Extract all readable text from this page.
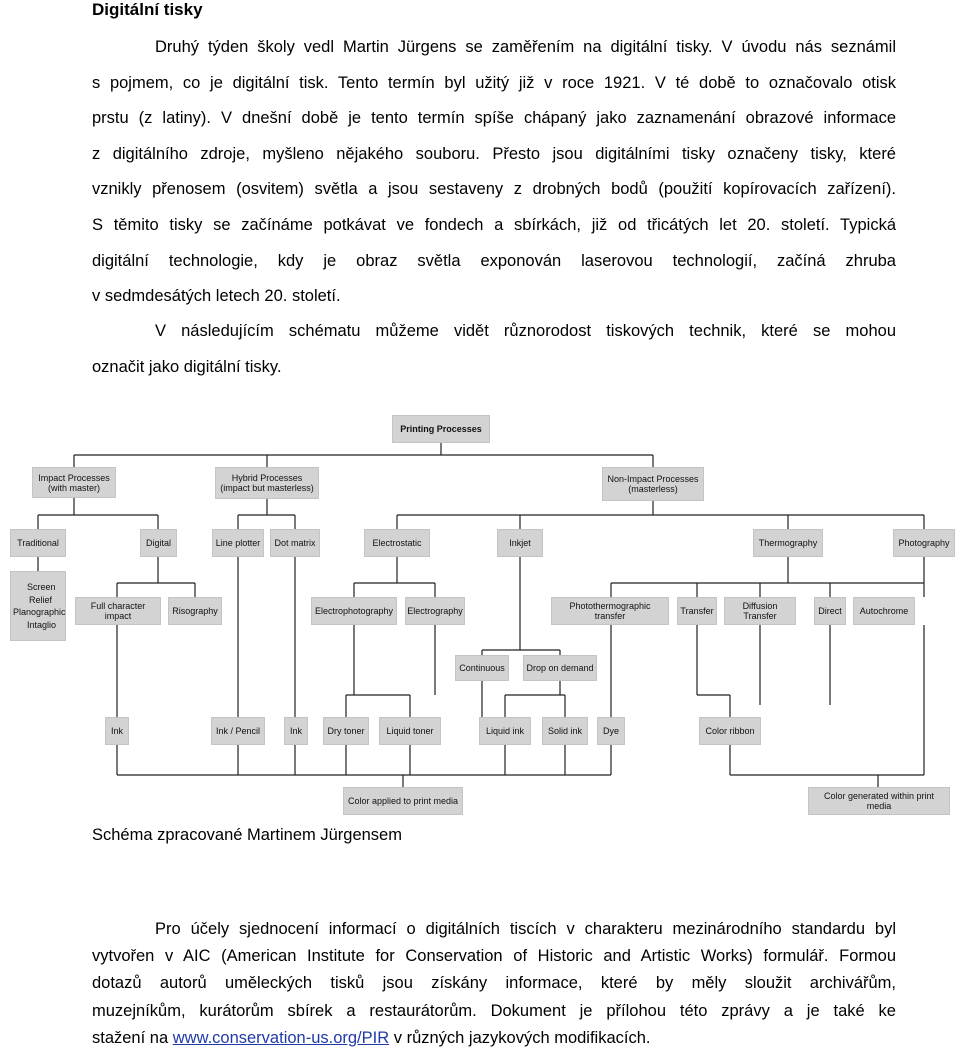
Digitální tisky
Druhý týden školy vedl Martin Jürgens se zaměřením na digitální tisky. V úvodu nás seznámil
s pojmem, co je digitální tisk. Tento termín byl užitý již v roce 1921. V té době to označovalo otisk
prstu (z latiny). V dnešní době je tento termín spíše chápaný jako zaznamenání obrazové informace
z digitálního zdroje, myšleno nějakého souboru. Přesto jsou digitálními tisky označeny tisky, které
vznikly přenosem (osvitem) světla a jsou sestaveny z drobných bodů (použití kopírovacích zařízení).
S těmito tisky se začínáme potkávat ve fondech a sbírkách, již od třicátých let 20. století. Typická
digitální technologie, kdy je obraz světla exponován laserovou technologií, začíná zhruba
v sedmdesátých letech 20. století.
V následujícím schématu můžeme vidět různorodost tiskových technik, které se mohou
označit jako digitální tisky.
Printing Processes
Impact Processes (with master)
Hybrid Processes (impact but masterless)
Non-Impact Processes (masterless)
Traditional	Digital	Line plotter	Dot matrix	Electrostatic	Inkjet	Thermography	Photography
Screen
Relief
Planographic
Intaglio
Full character impact	Risography	Electrophotography	Electrography	Photothermographic transfer	Transfer	Diffusion Transfer	Direct	Autochrome
Continuous	Drop on demand
Ink	Ink / Pencil	Ink	Dry toner	Liquid toner	Liquid ink	Solid ink	Dye	Color ribbon
Color applied to print media	Color generated within print media
Schéma zpracované Martinem Jürgensem
Pro účely sjednocení informací o digitálních tiscích v charakteru mezinárodního standardu byl
vytvořen v AIC (American Institute for Conservation of Historic and Artistic Works) formulář. Formou
dotazů autorů uměleckých tisků jsou získány informace, které by měly sloužit archivářům,
muzejníkům, kurátorům sbírek a restaurátorům. Dokument je přílohou této zprávy a je také ke
stažení na www.conservation-us.org/PIR v různých jazykových modifikacích.
